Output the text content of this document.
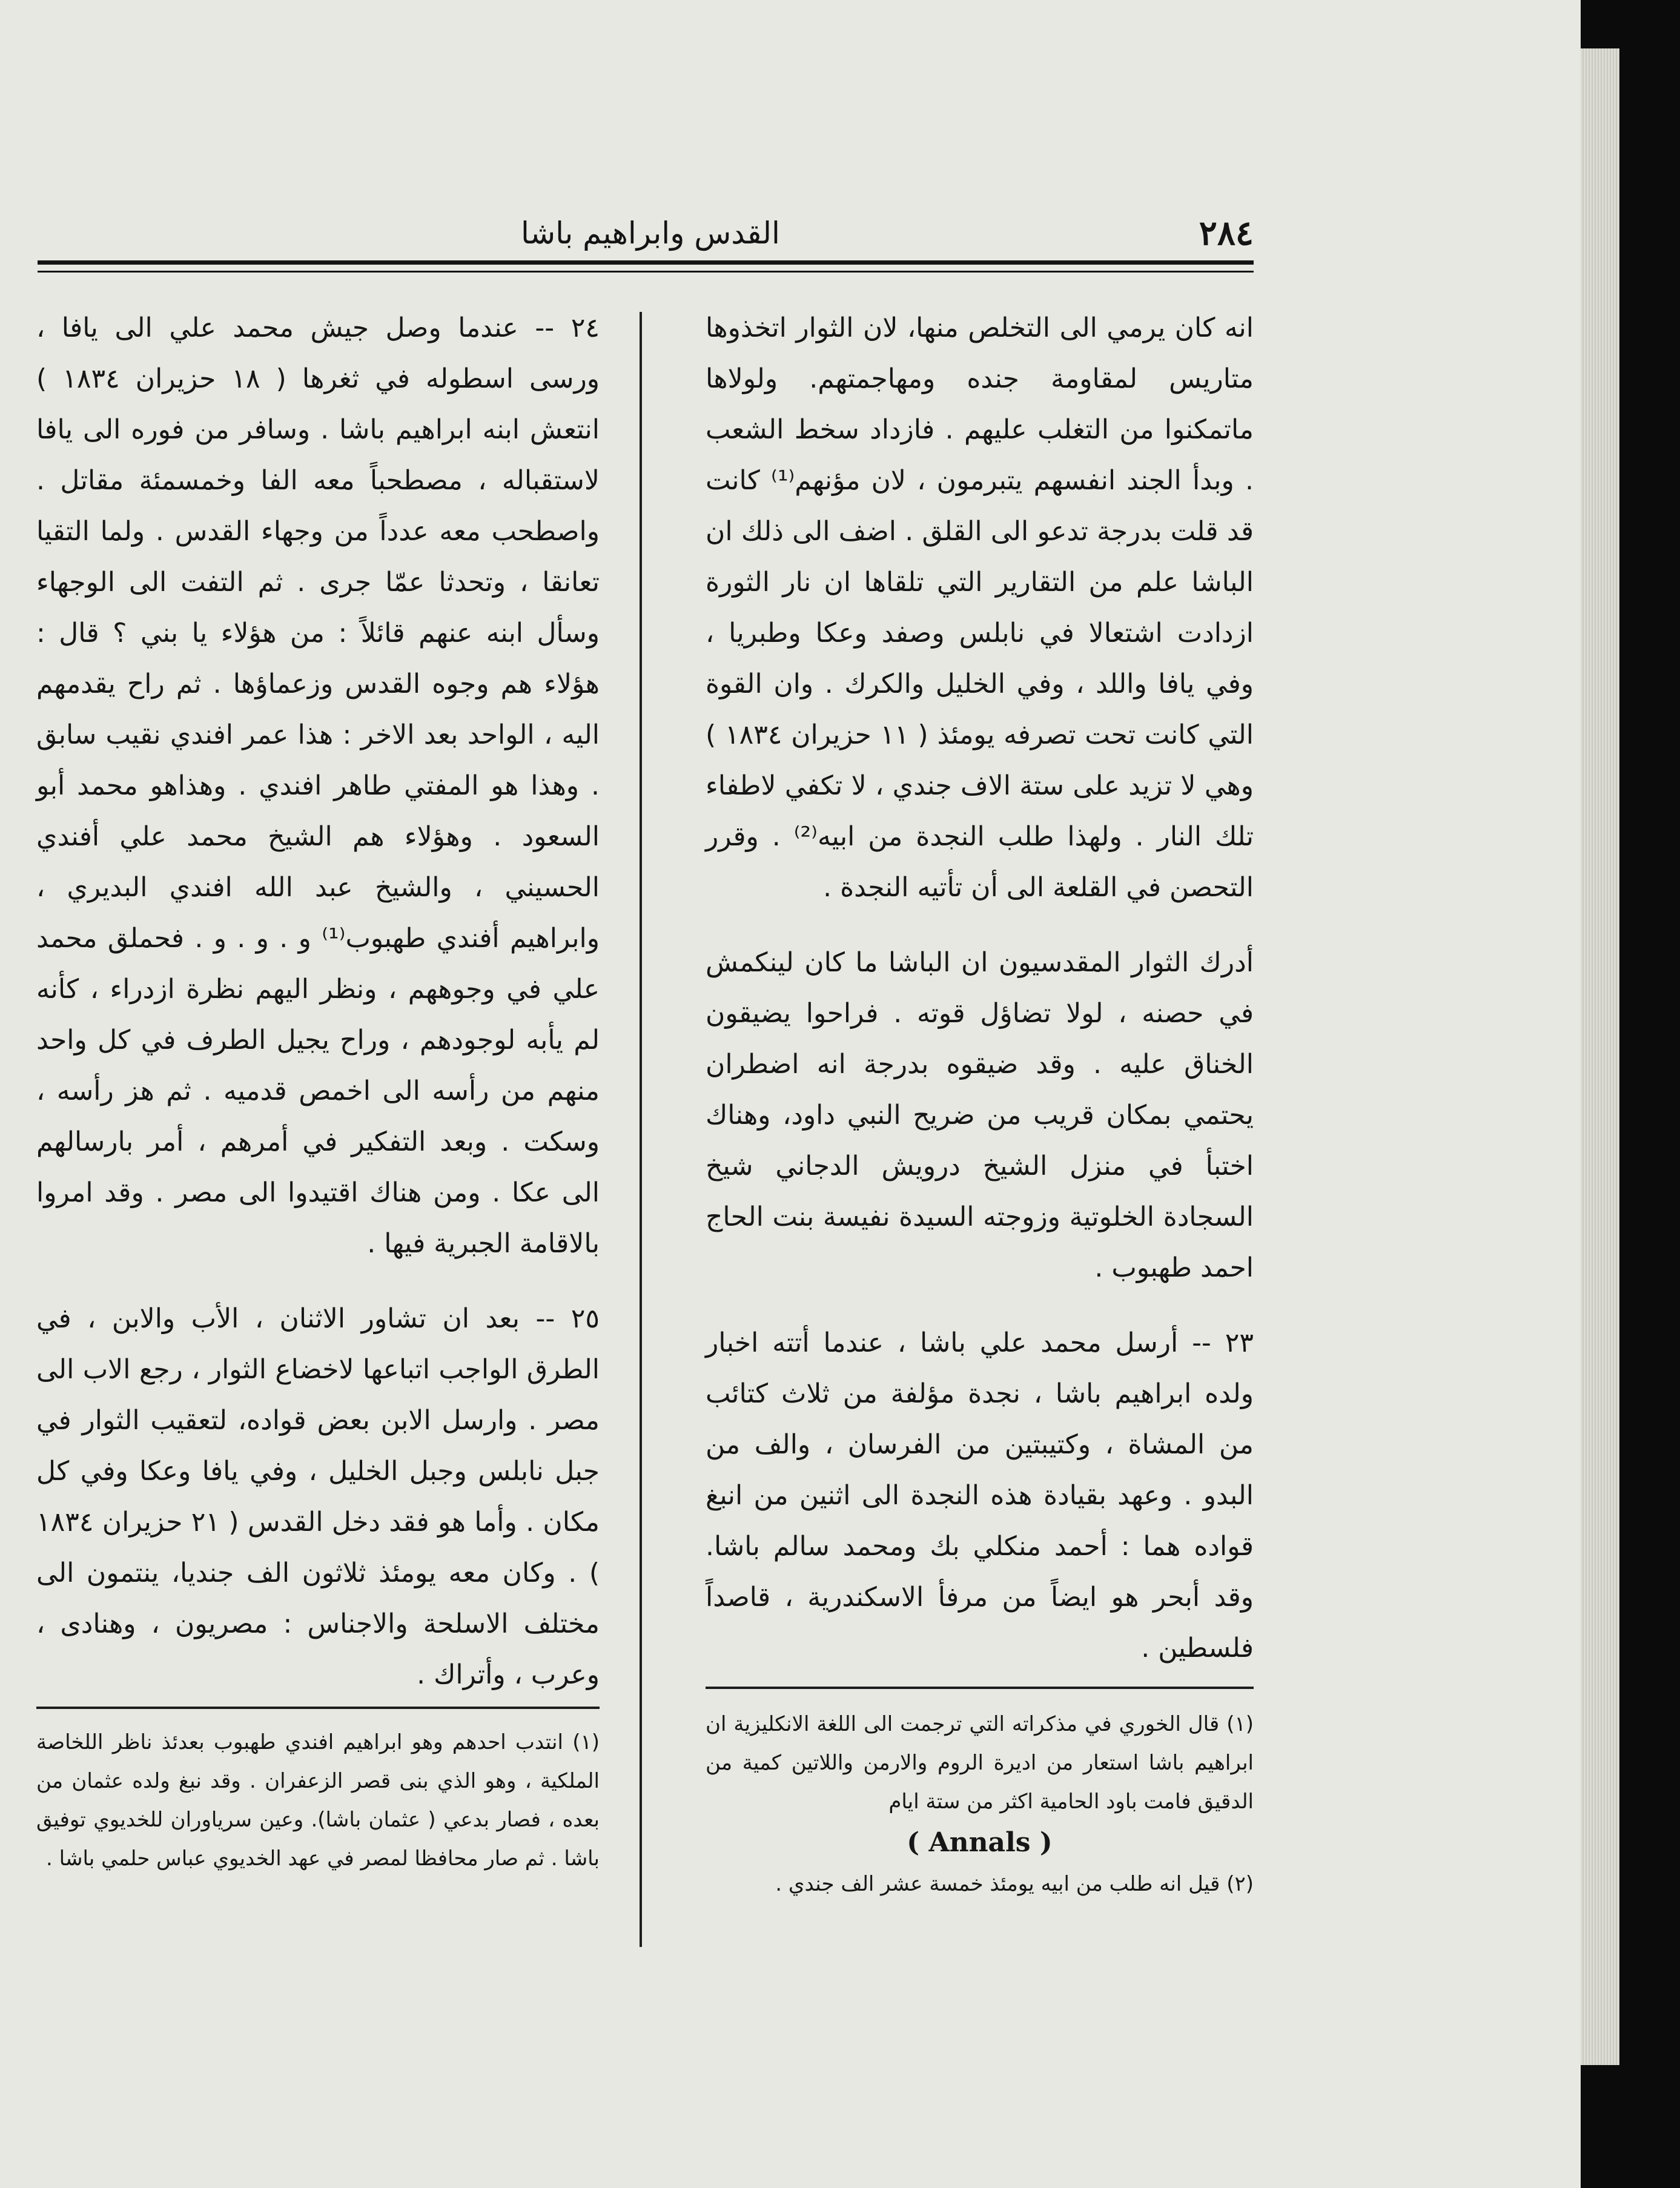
القدس وابراهيم باشا	٢٨٤

انه كان يرمي الى التخلص منها، لان الثوار اتخذوها متاريس لمقاومة جنده ومهاجمتهم. ولولاها ماتمكنوا من التغلب عليهم . فازداد سخط الشعب . وبدأ الجند انفسهم يتبرمون ، لان مؤنهم⁽¹⁾ كانت قد قلت بدرجة تدعو الى القلق . اضف الى ذلك ان الباشا علم من التقارير التي تلقاها ان نار الثورة ازدادت اشتعالا في نابلس وصفد وعكا وطبريا ، وفي يافا واللد ، وفي الخليل والكرك . وان القوة التي كانت تحت تصرفه يومئذ ( ١١ حزيران ١٨٣٤ ) وهي لا تزيد على ستة الاف جندي ، لا تكفي لاطفاء تلك النار . ولهذا طلب النجدة من ابيه⁽²⁾ . وقرر التحصن في القلعة الى أن تأتيه النجدة .

أدرك الثوار المقدسيون ان الباشا ما كان لينكمش في حصنه ، لولا تضاؤل قوته . فراحوا يضيقون الخناق عليه . وقد ضيقوه بدرجة انه اضطران يحتمي بمكان قريب من ضريح النبي داود، وهناك اختبأ في منزل الشيخ درويش الدجاني شيخ السجادة الخلوتية وزوجته السيدة نفيسة بنت الحاج احمد طهبوب .

٢٣ -- أرسل محمد علي باشا ، عندما أتته اخبار ولده ابراهيم باشا ، نجدة مؤلفة من ثلاث كتائب من المشاة ، وكتيبتين من الفرسان ، والف من البدو . وعهد بقيادة هذه النجدة الى اثنين من انبغ قواده هما : أحمد منكلي بك ومحمد سالم باشا. وقد أبحر هو ايضاً من مرفأ الاسكندرية ، قاصداً فلسطين .

٢٤ -- عندما وصل جيش محمد علي الى يافا ، ورسى اسطوله في ثغرها ( ١٨ حزيران ١٨٣٤ ) انتعش ابنه ابراهيم باشا . وسافر من فوره الى يافا لاستقباله ، مصطحباً معه الفا وخمسمئة مقاتل . واصطحب معه عدداً من وجهاء القدس . ولما التقيا تعانقا ، وتحدثا عمّا جرى . ثم التفت الى الوجهاء وسأل ابنه عنهم قائلاً : من هؤلاء يا بني ؟ قال : هؤلاء هم وجوه القدس وزعماؤها . ثم راح يقدمهم اليه ، الواحد بعد الاخر : هذا عمر افندي نقيب سابق . وهذا هو المفتي طاهر افندي . وهذاهو محمد أبو السعود . وهؤلاء هم الشيخ محمد علي أفندي الحسيني ، والشيخ عبد الله افندي البديري ، وابراهيم أفندي طهبوب⁽¹⁾ و . و . و . فحملق محمد علي في وجوههم ، ونظر اليهم نظرة ازدراء ، كأنه لم يأبه لوجودهم ، وراح يجيل الطرف في كل واحد منهم من رأسه الى اخمص قدميه . ثم هز رأسه ، وسكت . وبعد التفكير في أمرهم ، أمر بارسالهم الى عكا . ومن هناك اقتيدوا الى مصر . وقد امروا بالاقامة الجبرية فيها .

٢٥ -- بعد ان تشاور الاثنان ، الأب والابن ، في الطرق الواجب اتباعها لاخضاع الثوار ، رجع الاب الى مصر . وارسل الابن بعض قواده، لتعقيب الثوار في جبل نابلس وجبل الخليل ، وفي يافا وعكا وفي كل مكان . وأما هو فقد دخل القدس ( ٢١ حزيران ١٨٣٤ ) . وكان معه يومئذ ثلاثون الف جنديا، ينتمون الى مختلف الاسلحة والاجناس : مصريون ، وهنادى ، وعرب ، وأتراك .

(١) قال الخوري في مذكراته التي ترجمت الى اللغة الانكليزية ان ابراهيم باشا استعار من اديرة الروم والارمن واللاتين كمية من الدقيق فامت باود الحامية اكثر من ستة ايام

( Annals )

(٢) قيل انه طلب من ابيه يومئذ خمسة عشر الف جندي .

(١) انتدب احدهم وهو ابراهيم افندي طهبوب بعدئذ ناظر اللخاصة الملكية ، وهو الذي بنى قصر الزعفران . وقد نبغ ولده عثمان من بعده ، فصار بدعي ( عثمان باشا). وعين سرياوران للخديوي توفيق باشا . ثم صار محافظا لمصر في عهد الخديوي عباس حلمي باشا .
